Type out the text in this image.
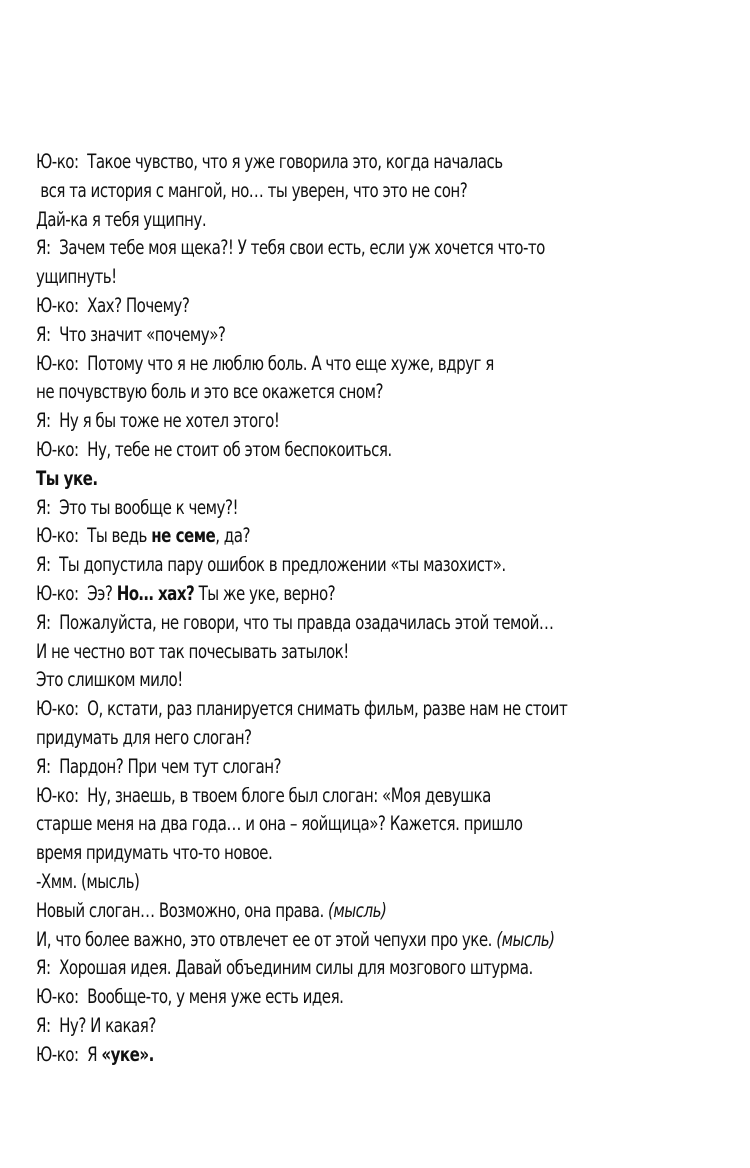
Ю-ко:  Такое чувство, что я уже говорила это, когда началась
вся та история с мангой, но… ты уверен, что это не сон?
Дай-ка я тебя ущипну.
Я:  Зачем тебе моя щека?! У тебя свои есть, если уж хочется что-то
ущипнуть!
Ю-ко:  Хах? Почему?
Я:  Что значит «почему»?
Ю-ко:  Потому что я не люблю боль. А что еще хуже, вдруг я
не почувствую боль и это все окажется сном?
Я:  Ну я бы тоже не хотел этого!
Ю-ко:  Ну, тебе не стоит об этом беспокоиться.
Ты уке.
Я:  Это ты вообще к чему?!
Ю-ко:  Ты ведь не семе, да?
Я:  Ты допустила пару ошибок в предложении «ты мазохист».
Ю-ко:  Ээ? Но… хах? Ты же уке, верно?
Я:  Пожалуйста, не говори, что ты правда озадачилась этой темой…
И не честно вот так почесывать затылок!
Это слишком мило!
Ю-ко:  О, кстати, раз планируется снимать фильм, разве нам не стоит
придумать для него слоган?
Я:  Пардон? При чем тут слоган?
Ю-ко:  Ну, знаешь, в твоем блоге был слоган: «Моя девушка
старше меня на два года… и она – яойщица»? Кажется. пришло
время придумать что-то новое.
-Хмм. (мысль)
Новый слоган… Возможно, она права. (мысль)
И, что более важно, это отвлечет ее от этой чепухи про уке. (мысль)
Я:  Хорошая идея. Давай объединим силы для мозгового штурма.
Ю-ко:  Вообще-то, у меня уже есть идея.
Я:  Ну? И какая?
Ю-ко:  Я «уке».
